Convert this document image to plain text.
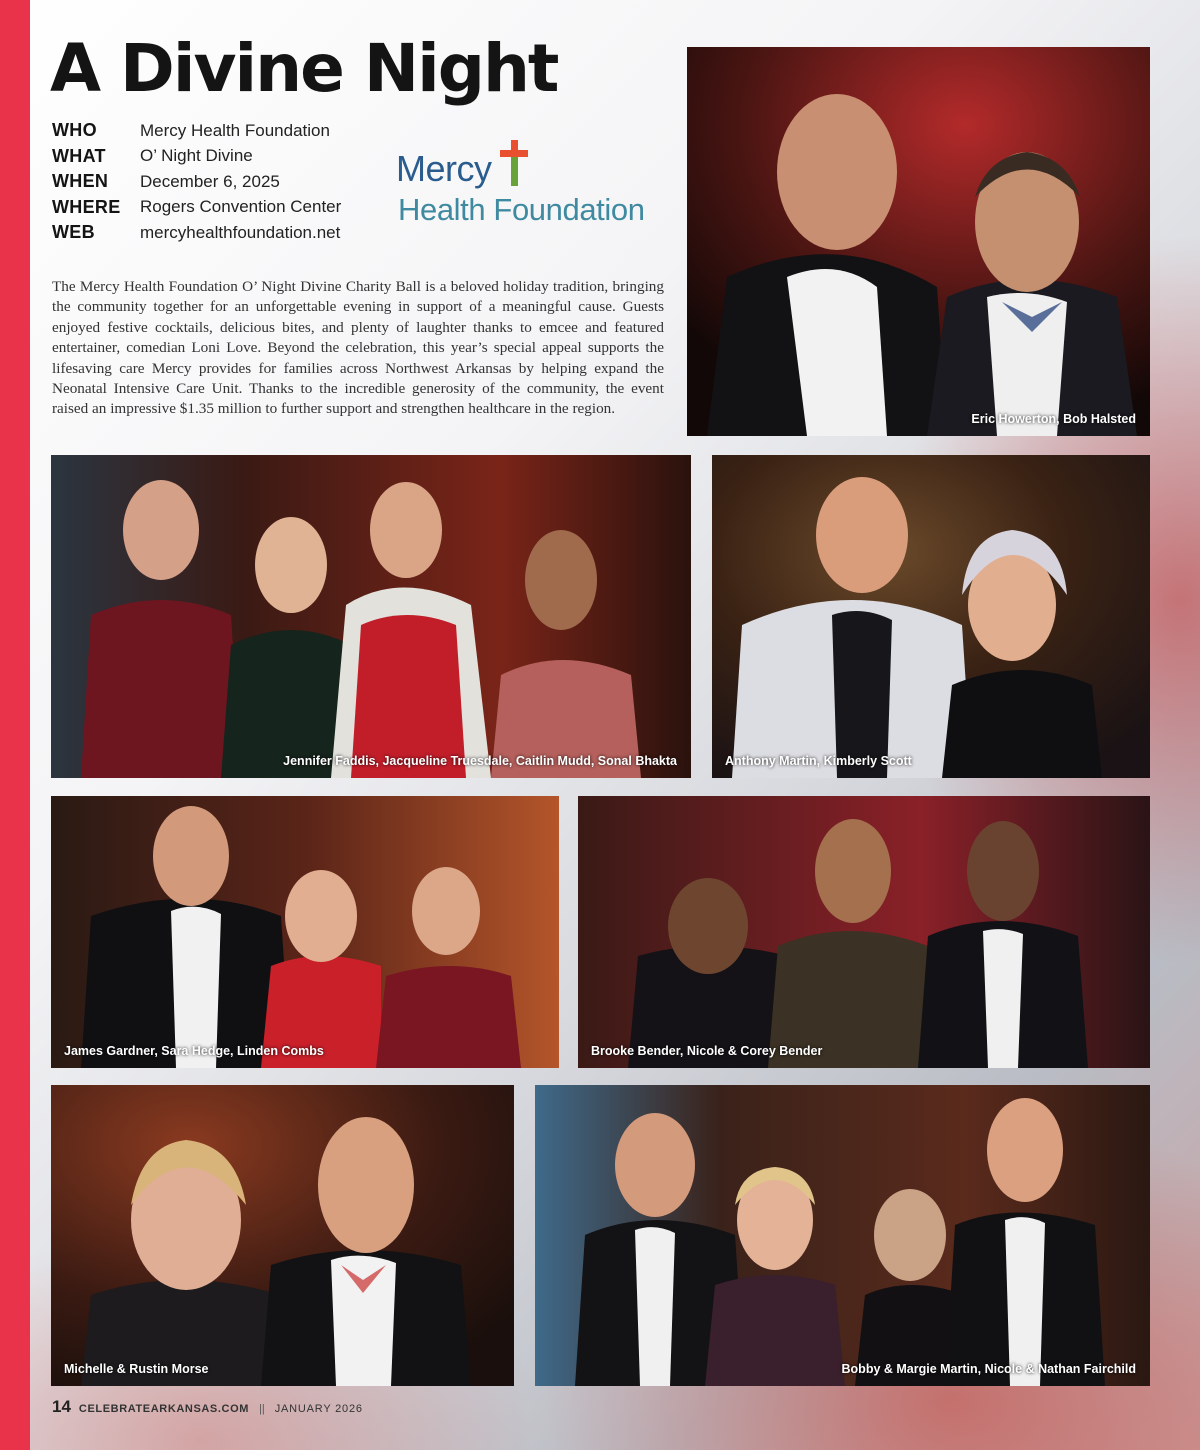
A Divine Night
WHO	Mercy Health Foundation
WHAT	O’ Night Divine
WHEN	December 6, 2025
WHERE	Rogers Convention Center
WEB	mercyhealthfoundation.net
Mercy
Health Foundation

The Mercy Health Foundation O’ Night Divine Charity Ball is a beloved holiday tradition, bringing the community together for an unforgettable evening in support of a meaningful cause. Guests enjoyed festive cocktails, delicious bites, and plenty of laughter thanks to emcee and featured entertainer, comedian Loni Love. Beyond the celebration, this year’s special appeal supports the lifesaving care Mercy provides for families across Northwest Arkansas by helping expand the Neonatal Intensive Care Unit. Thanks to the incredible generosity of the community, the event raised an impressive $1.35 million to further support and strengthen healthcare in the region.

Eric Howerton, Bob Halsted
Jennifer Faddis, Jacqueline Truesdale, Caitlin Mudd, Sonal Bhakta	Anthony Martin, Kimberly Scott
James Gardner, Sara Hedge, Linden Combs	Brooke Bender, Nicole & Corey Bender
Michelle & Rustin Morse	Bobby & Margie Martin, Nicole & Nathan Fairchild
14 CELEBRATEARKANSAS.COM || JANUARY 2026
